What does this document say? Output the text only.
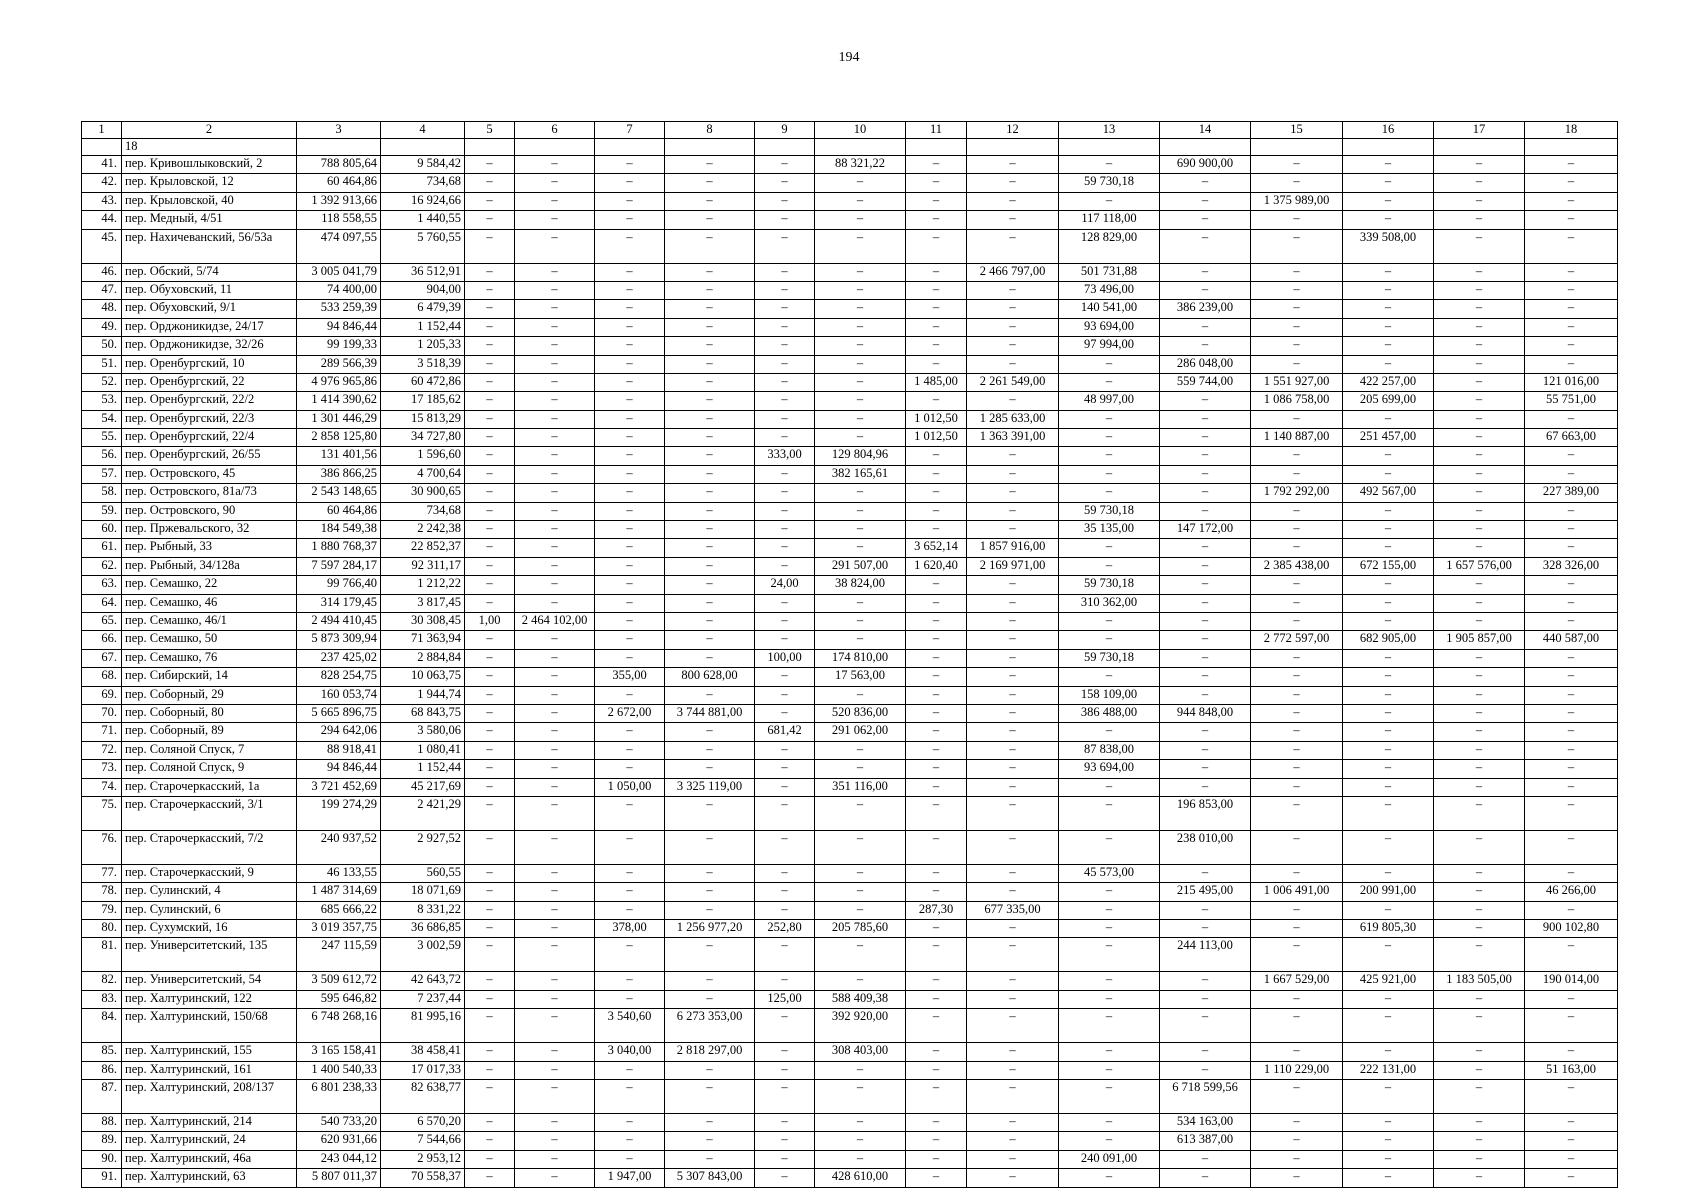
194
1	2	3	4	5	6	7	8	9	10	11	12	13	14	15	16	17	18
	18																
41.	пер. Кривошлыковский, 2	788 805,64	9 584,42	–	–	–	–	–	88 321,22	–	–	–	690 900,00	–	–	–	–
42.	пер. Крыловской, 12	60 464,86	734,68	–	–	–	–	–	–	–	–	59 730,18	–	–	–	–	–
43.	пер. Крыловской, 40	1 392 913,66	16 924,66	–	–	–	–	–	–	–	–	–	–	1 375 989,00	–	–	–
44.	пер. Медный, 4/51	118 558,55	1 440,55	–	–	–	–	–	–	–	–	117 118,00	–	–	–	–	–
45.	пер. Нахичеванский, 56/53а	474 097,55	5 760,55	–	–	–	–	–	–	–	–	128 829,00	–	–	339 508,00	–	–
46.	пер. Обский, 5/74	3 005 041,79	36 512,91	–	–	–	–	–	–	–	2 466 797,00	501 731,88	–	–	–	–	–
47.	пер. Обуховский, 11	74 400,00	904,00	–	–	–	–	–	–	–	–	73 496,00	–	–	–	–	–
48.	пер. Обуховский, 9/1	533 259,39	6 479,39	–	–	–	–	–	–	–	–	140 541,00	386 239,00	–	–	–	–
49.	пер. Орджоникидзе, 24/17	94 846,44	1 152,44	–	–	–	–	–	–	–	–	93 694,00	–	–	–	–	–
50.	пер. Орджоникидзе, 32/26	99 199,33	1 205,33	–	–	–	–	–	–	–	–	97 994,00	–	–	–	–	–
51.	пер. Оренбургский, 10	289 566,39	3 518,39	–	–	–	–	–	–	–	–	–	286 048,00	–	–	–	–
52.	пер. Оренбургский, 22	4 976 965,86	60 472,86	–	–	–	–	–	–	1 485,00	2 261 549,00	–	559 744,00	1 551 927,00	422 257,00	–	121 016,00
53.	пер. Оренбургский, 22/2	1 414 390,62	17 185,62	–	–	–	–	–	–	–	–	48 997,00	–	1 086 758,00	205 699,00	–	55 751,00
54.	пер. Оренбургский, 22/3	1 301 446,29	15 813,29	–	–	–	–	–	–	1 012,50	1 285 633,00	–	–	–	–	–	–
55.	пер. Оренбургский, 22/4	2 858 125,80	34 727,80	–	–	–	–	–	–	1 012,50	1 363 391,00	–	–	1 140 887,00	251 457,00	–	67 663,00
56.	пер. Оренбургский, 26/55	131 401,56	1 596,60	–	–	–	–	333,00	129 804,96	–	–	–	–	–	–	–	–
57.	пер. Островского, 45	386 866,25	4 700,64	–	–	–	–	–	382 165,61	–	–	–	–	–	–	–	–
58.	пер. Островского, 81а/73	2 543 148,65	30 900,65	–	–	–	–	–	–	–	–	–	–	1 792 292,00	492 567,00	–	227 389,00
59.	пер. Островского, 90	60 464,86	734,68	–	–	–	–	–	–	–	–	59 730,18	–	–	–	–	–
60.	пер. Пржевальского, 32	184 549,38	2 242,38	–	–	–	–	–	–	–	–	35 135,00	147 172,00	–	–	–	–
61.	пер. Рыбный, 33	1 880 768,37	22 852,37	–	–	–	–	–	–	3 652,14	1 857 916,00	–	–	–	–	–	–
62.	пер. Рыбный, 34/128а	7 597 284,17	92 311,17	–	–	–	–	–	291 507,00	1 620,40	2 169 971,00	–	–	2 385 438,00	672 155,00	1 657 576,00	328 326,00
63.	пер. Семашко, 22	99 766,40	1 212,22	–	–	–	–	24,00	38 824,00	–	–	59 730,18	–	–	–	–	–
64.	пер. Семашко, 46	314 179,45	3 817,45	–	–	–	–	–	–	–	–	310 362,00	–	–	–	–	–
65.	пер. Семашко, 46/1	2 494 410,45	30 308,45	1,00	2 464 102,00	–	–	–	–	–	–	–	–	–	–	–	–
66.	пер. Семашко, 50	5 873 309,94	71 363,94	–	–	–	–	–	–	–	–	–	–	2 772 597,00	682 905,00	1 905 857,00	440 587,00
67.	пер. Семашко, 76	237 425,02	2 884,84	–	–	–	–	100,00	174 810,00	–	–	59 730,18	–	–	–	–	–
68.	пер. Сибирский, 14	828 254,75	10 063,75	–	–	355,00	800 628,00	–	17 563,00	–	–	–	–	–	–	–	–
69.	пер. Соборный, 29	160 053,74	1 944,74	–	–	–	–	–	–	–	–	158 109,00	–	–	–	–	–
70.	пер. Соборный, 80	5 665 896,75	68 843,75	–	–	2 672,00	3 744 881,00	–	520 836,00	–	–	386 488,00	944 848,00	–	–	–	–
71.	пер. Соборный, 89	294 642,06	3 580,06	–	–	–	–	681,42	291 062,00	–	–	–	–	–	–	–	–
72.	пер. Соляной Спуск, 7	88 918,41	1 080,41	–	–	–	–	–	–	–	–	87 838,00	–	–	–	–	–
73.	пер. Соляной Спуск, 9	94 846,44	1 152,44	–	–	–	–	–	–	–	–	93 694,00	–	–	–	–	–
74.	пер. Старочеркасский, 1а	3 721 452,69	45 217,69	–	–	1 050,00	3 325 119,00	–	351 116,00	–	–	–	–	–	–	–	–
75.	пер. Старочеркасский, 3/1	199 274,29	2 421,29	–	–	–	–	–	–	–	–	–	196 853,00	–	–	–	–
76.	пер. Старочеркасский, 7/2	240 937,52	2 927,52	–	–	–	–	–	–	–	–	–	238 010,00	–	–	–	–
77.	пер. Старочеркасский, 9	46 133,55	560,55	–	–	–	–	–	–	–	–	45 573,00	–	–	–	–	–
78.	пер. Сулинский, 4	1 487 314,69	18 071,69	–	–	–	–	–	–	–	–	–	215 495,00	1 006 491,00	200 991,00	–	46 266,00
79.	пер. Сулинский, 6	685 666,22	8 331,22	–	–	–	–	–	–	287,30	677 335,00	–	–	–	–	–	–
80.	пер. Сухумский, 16	3 019 357,75	36 686,85	–	–	378,00	1 256 977,20	252,80	205 785,60	–	–	–	–	–	619 805,30	–	900 102,80
81.	пер. Университетский, 135	247 115,59	3 002,59	–	–	–	–	–	–	–	–	–	244 113,00	–	–	–	–
82.	пер. Университетский, 54	3 509 612,72	42 643,72	–	–	–	–	–	–	–	–	–	–	1 667 529,00	425 921,00	1 183 505,00	190 014,00
83.	пер. Халтуринский, 122	595 646,82	7 237,44	–	–	–	–	125,00	588 409,38	–	–	–	–	–	–	–	–
84.	пер. Халтуринский, 150/68	6 748 268,16	81 995,16	–	–	3 540,60	6 273 353,00	–	392 920,00	–	–	–	–	–	–	–	–
85.	пер. Халтуринский, 155	3 165 158,41	38 458,41	–	–	3 040,00	2 818 297,00	–	308 403,00	–	–	–	–	–	–	–	–
86.	пер. Халтуринский, 161	1 400 540,33	17 017,33	–	–	–	–	–	–	–	–	–	–	1 110 229,00	222 131,00	–	51 163,00
87.	пер. Халтуринский, 208/137	6 801 238,33	82 638,77	–	–	–	–	–	–	–	–	–	6 718 599,56	–	–	–	–
88.	пер. Халтуринский, 214	540 733,20	6 570,20	–	–	–	–	–	–	–	–	–	534 163,00	–	–	–	–
89.	пер. Халтуринский, 24	620 931,66	7 544,66	–	–	–	–	–	–	–	–	–	613 387,00	–	–	–	–
90.	пер. Халтуринский, 46а	243 044,12	2 953,12	–	–	–	–	–	–	–	–	240 091,00	–	–	–	–	–
91.	пер. Халтуринский, 63	5 807 011,37	70 558,37	–	–	1 947,00	5 307 843,00	–	428 610,00	–	–	–	–	–	–	–	–
